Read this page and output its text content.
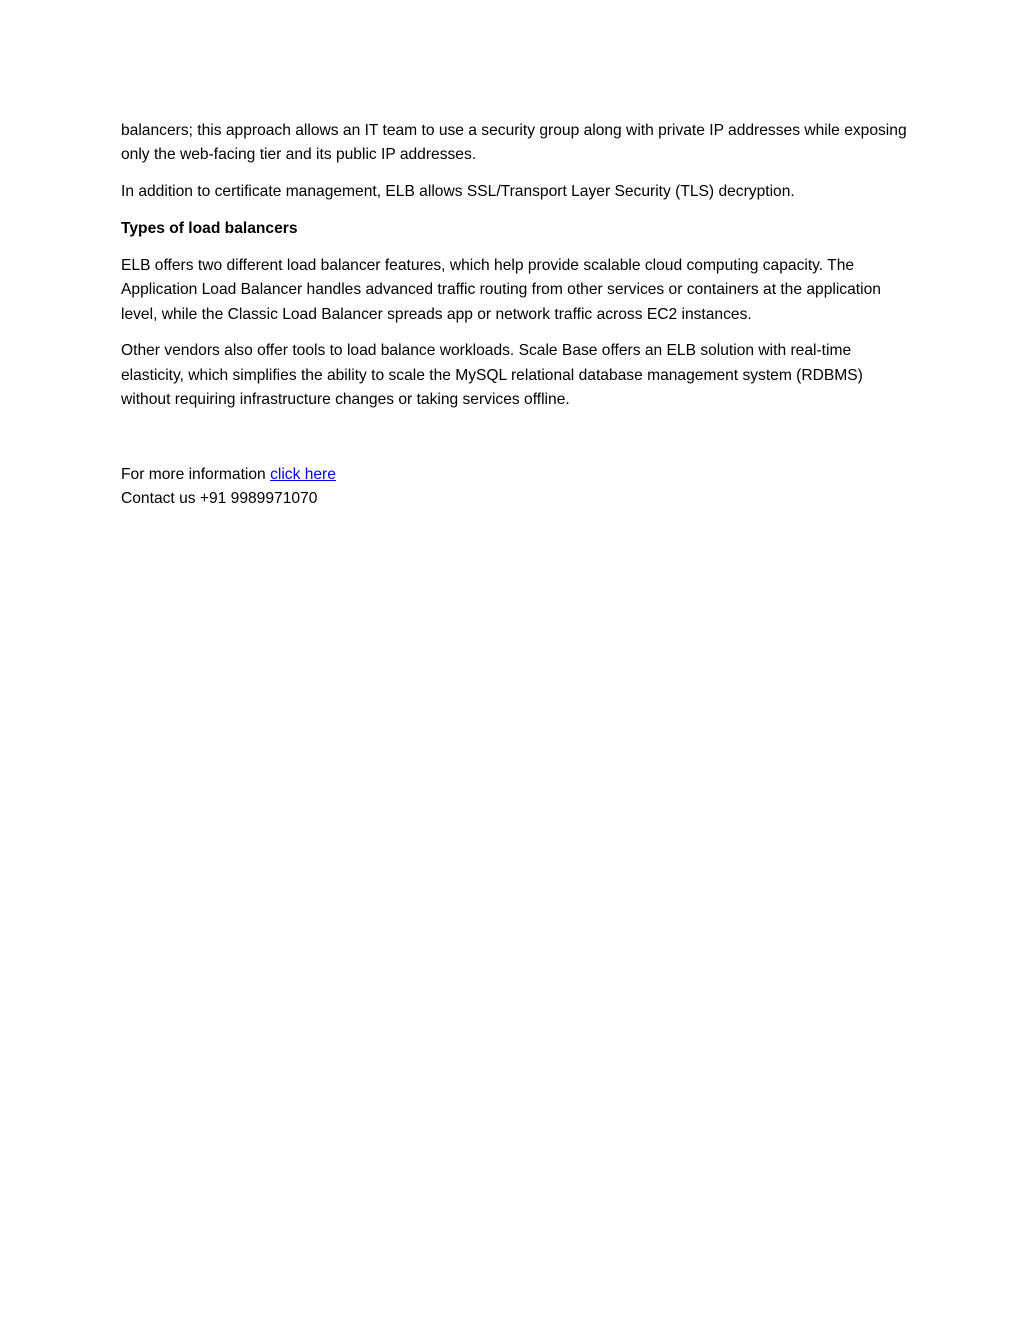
balancers; this approach allows an IT team to use a security group along with private IP addresses while exposing only the web-facing tier and its public IP addresses.

In addition to certificate management, ELB allows SSL/Transport Layer Security (TLS) decryption.

Types of load balancers

ELB offers two different load balancer features, which help provide scalable cloud computing capacity. The Application Load Balancer handles advanced traffic routing from other services or containers at the application level, while the Classic Load Balancer spreads app or network traffic across EC2 instances.

Other vendors also offer tools to load balance workloads. Scale Base offers an ELB solution with real-time elasticity, which simplifies the ability to scale the MySQL relational database management system (RDBMS) without requiring infrastructure changes or taking services offline.

For more information click here

Contact us +91 9989971070
